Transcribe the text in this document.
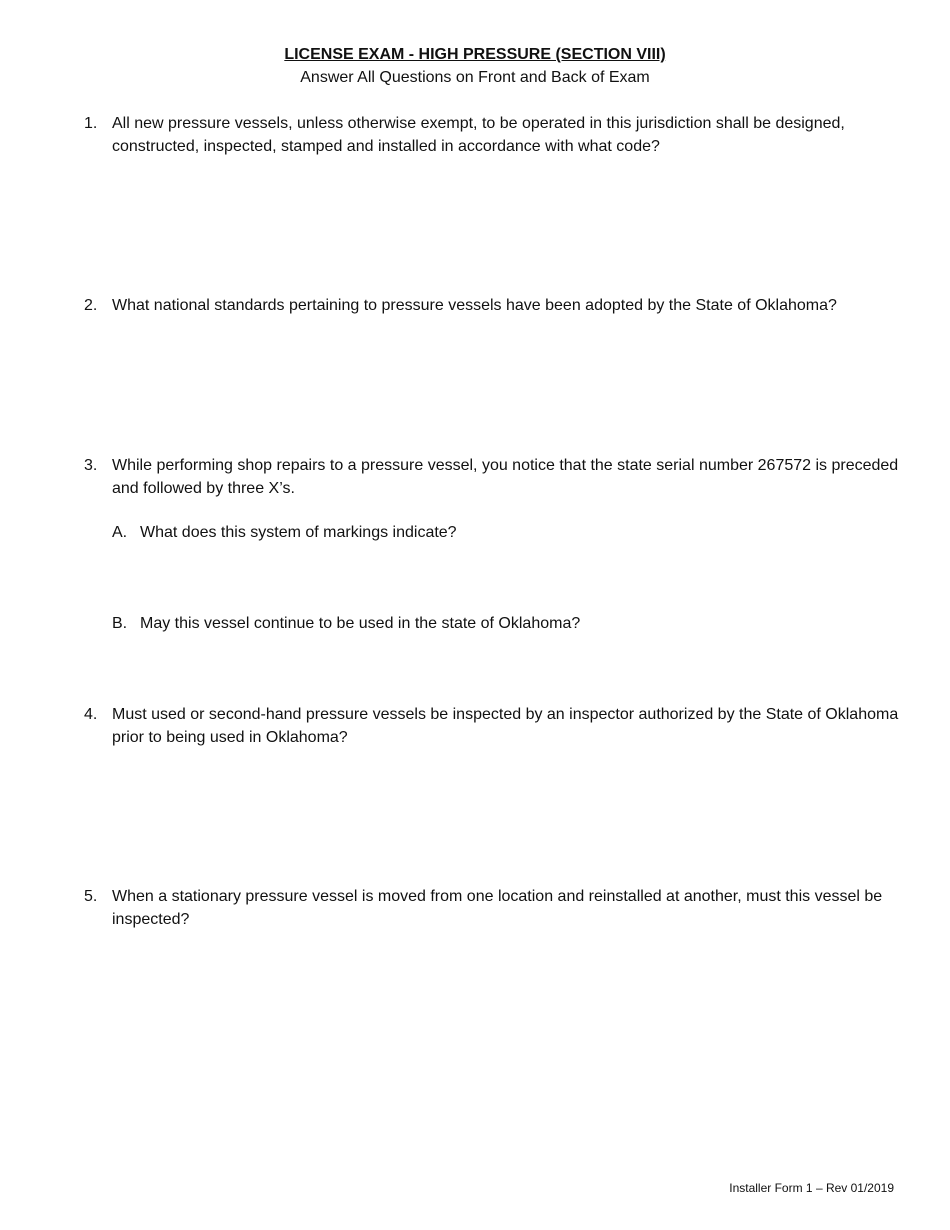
LICENSE EXAM - HIGH PRESSURE (SECTION VIII)
Answer All Questions on Front and Back of Exam
1. All new pressure vessels, unless otherwise exempt, to be operated in this jurisdiction shall be designed, constructed, inspected, stamped and installed in accordance with what code?
2. What national standards pertaining to pressure vessels have been adopted by the State of Oklahoma?
3. While performing shop repairs to a pressure vessel, you notice that the state serial number 267572 is preceded and followed by three X’s.
A. What does this system of markings indicate?
B. May this vessel continue to be used in the state of Oklahoma?
4. Must used or second-hand pressure vessels be inspected by an inspector authorized by the State of Oklahoma prior to being used in Oklahoma?
5. When a stationary pressure vessel is moved from one location and reinstalled at another, must this vessel be inspected?
Installer Form 1 – Rev 01/2019
